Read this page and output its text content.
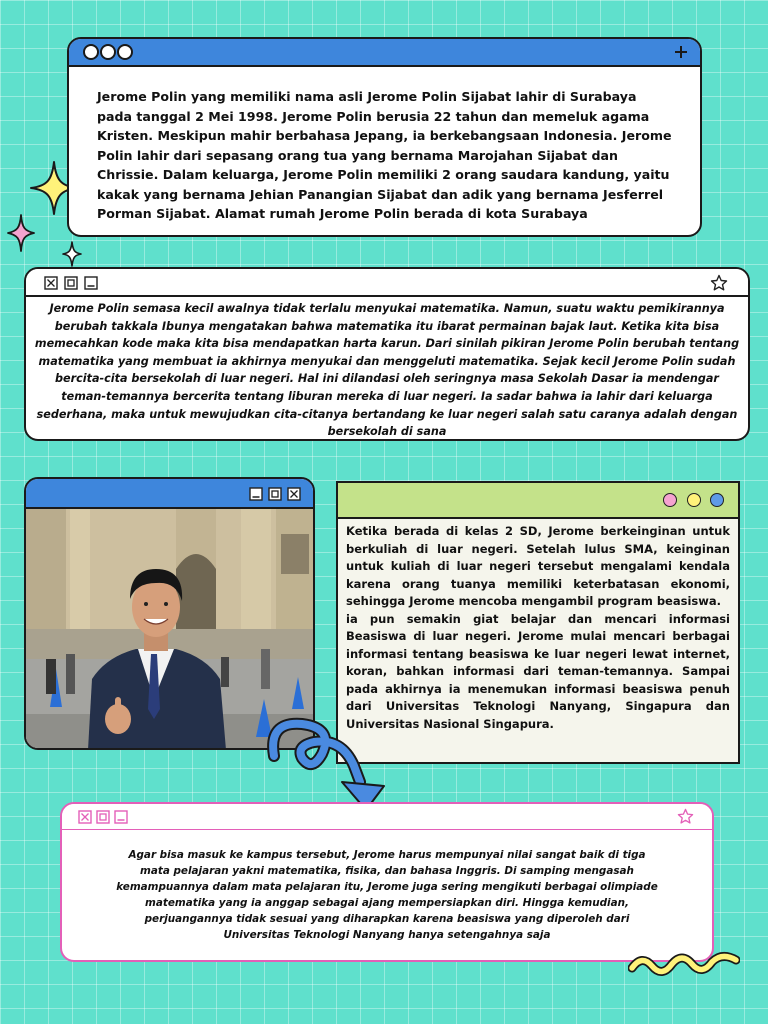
Jerome Polin yang memiliki nama asli Jerome Polin Sijabat lahir di Surabaya pada tanggal 2 Mei 1998. Jerome Polin berusia 22 tahun dan memeluk agama Kristen. Meskipun mahir berbahasa Jepang, ia berkebangsaan Indonesia. Jerome Polin lahir dari sepasang orang tua yang bernama Marojahan Sijabat dan Chrissie. Dalam keluarga, Jerome Polin memiliki 2 orang saudara kandung, yaitu kakak yang bernama Jehian Panangian Sijabat dan adik yang bernama Jesferrel Porman Sijabat. Alamat rumah Jerome Polin berada di kota Surabaya
Jerome Polin semasa kecil awalnya tidak terlalu menyukai matematika. Namun, suatu waktu pemikirannya berubah takkala Ibunya mengatakan bahwa matematika itu ibarat permainan bajak laut. Ketika kita bisa memecahkan kode maka kita bisa mendapatkan harta karun. Dari sinilah pikiran Jerome Polin berubah tentang matematika yang membuat ia akhirnya menyukai dan menggeluti matematika. Sejak kecil Jerome Polin sudah bercita-cita bersekolah di luar negeri. Hal ini dilandasi oleh seringnya masa Sekolah Dasar ia mendengar teman-temannya bercerita tentang liburan mereka di luar negeri. Ia sadar bahwa ia lahir dari keluarga sederhana, maka untuk mewujudkan cita-citanya bertandang ke luar negeri salah satu caranya adalah dengan bersekolah di sana

Ketika berada di kelas 2 SD, Jerome berkeinginan untuk berkuliah di luar negeri. Setelah lulus SMA, keinginan untuk kuliah di luar negeri tersebut mengalami kendala karena orang tuanya memiliki keterbatasan ekonomi, sehingga Jerome mencoba mengambil program beasiswa.

ia pun semakin giat belajar dan mencari informasi Beasiswa di luar negeri. Jerome mulai mencari berbagai informasi tentang beasiswa ke luar negeri lewat internet, koran, bahkan informasi dari teman-temannya. Sampai pada akhirnya ia menemukan informasi beasiswa penuh dari Universitas Teknologi Nanyang, Singapura dan Universitas Nasional Singapura.

Agar bisa masuk ke kampus tersebut, Jerome harus mempunyai nilai sangat baik di tiga mata pelajaran yakni matematika, fisika, dan bahasa Inggris. Di samping mengasah kemampuannya dalam mata pelajaran itu, Jerome juga sering mengikuti berbagai olimpiade matematika yang ia anggap sebagai ajang mempersiapkan diri. Hingga kemudian, perjuangannya tidak sesuai yang diharapkan karena beasiswa yang diperoleh dari Universitas Teknologi Nanyang hanya setengahnya saja
